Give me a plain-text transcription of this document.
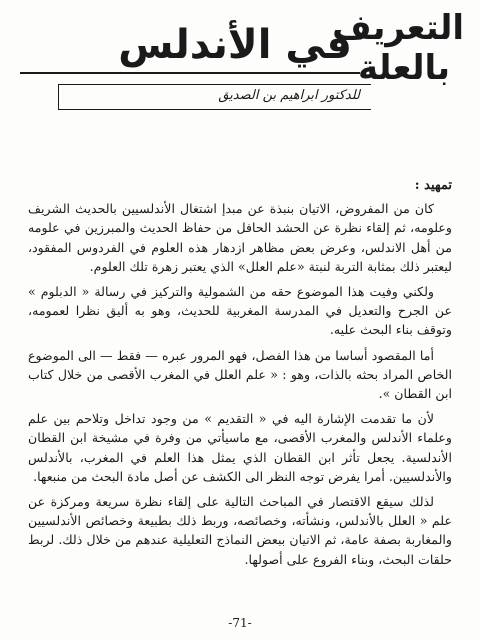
التعريف
بالعلة
في الأندلس
للدكتور ابراهيم بن الصديق
تمهيد :

كان من المفروض، الاتيان بنبذة عن مبدإ اشتغال الأندلسيين بالحديث الشريف وعلومه، ثم إلقاء نظرة عن الحشد الحافل من حفاظ الحديث والمبرزين في علومه من أهل الاندلس، وعرض بعض مظاهر ازدهار هذه العلوم في الفردوس المفقود، ليعتبر ذلك بمثابة التربة لنبتة «علم العلل» الذي يعتبر زهرة تلك العلوم.

ولكني وفيت هذا الموضوع حقه من الشمولية والتركيز في رسالة « الدبلوم » عن الجرح والتعديل في المدرسة المغربية للحديث، وهو به أليق نظرا لعمومه، وتوقف بناء البحث عليه.

أما المقصود أساسا من هذا الفصل، فهو المرور عبره — فقط — الى الموضوع الخاص المراد بحثه بالذات، وهو : « علم العلل في المغرب الأقصى من خلال كتاب ابن القطان ».

لأن ما تقدمت الإشارة اليه في « التقديم » من وجود تداخل وتلاحم بين علم وعلماء الأندلس والمغرب الأقصى، مع ماسيأتي من وفرة في مشيخة ابن القطان الأندلسية. يجعل تأثر ابن القطان الذي يمثل هذا العلم في المغرب، بالأندلس والأندلسيين. أمرا يفرض توجه النظر الى الكشف عن أصل مادة البحث من منبعها.

لذلك سيقع الاقتصار في المباحث التالية على إلقاء نظرة سريعة ومركزة عن علم « العلل بالأندلس، ونشأته، وخصائصه، وربط ذلك بطبيعة وخصائص الأندلسيين والمغاربة بصفة عامة، ثم الاتيان ببعض النماذج التعليلية عندهم من خلال ذلك. لربط حلقات البحث، وبناء الفروع على أصولها.

-71-
